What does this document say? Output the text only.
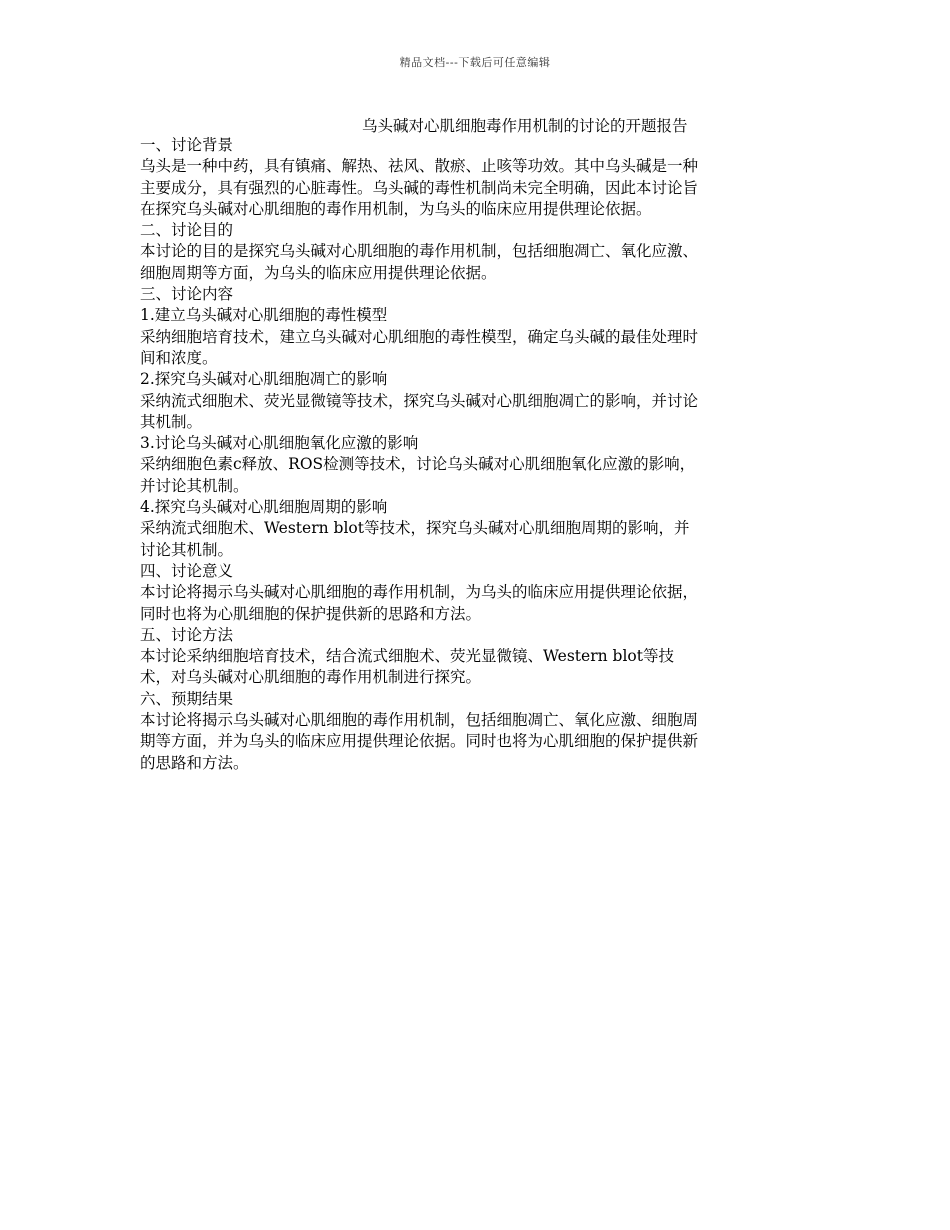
精品文档---下载后可任意编辑
乌头碱对心肌细胞毒作用机制的讨论的开题报告
一、讨论背景
乌头是一种中药，具有镇痛、解热、祛风、散瘀、止咳等功效。其中乌头碱是一种
主要成分，具有强烈的心脏毒性。乌头碱的毒性机制尚未完全明确，因此本讨论旨
在探究乌头碱对心肌细胞的毒作用机制，为乌头的临床应用提供理论依据。
二、讨论目的
本讨论的目的是探究乌头碱对心肌细胞的毒作用机制，包括细胞凋亡、氧化应激、
细胞周期等方面，为乌头的临床应用提供理论依据。
三、讨论内容
1.建立乌头碱对心肌细胞的毒性模型
采纳细胞培育技术，建立乌头碱对心肌细胞的毒性模型，确定乌头碱的最佳处理时
间和浓度。
2.探究乌头碱对心肌细胞凋亡的影响
采纳流式细胞术、荧光显微镜等技术，探究乌头碱对心肌细胞凋亡的影响，并讨论
其机制。
3.讨论乌头碱对心肌细胞氧化应激的影响
采纳细胞色素c释放、ROS检测等技术，讨论乌头碱对心肌细胞氧化应激的影响，
并讨论其机制。
4.探究乌头碱对心肌细胞周期的影响
采纳流式细胞术、Western blot等技术，探究乌头碱对心肌细胞周期的影响，并
讨论其机制。
四、讨论意义
本讨论将揭示乌头碱对心肌细胞的毒作用机制，为乌头的临床应用提供理论依据，
同时也将为心肌细胞的保护提供新的思路和方法。
五、讨论方法
本讨论采纳细胞培育技术，结合流式细胞术、荧光显微镜、Western blot等技
术，对乌头碱对心肌细胞的毒作用机制进行探究。
六、预期结果
本讨论将揭示乌头碱对心肌细胞的毒作用机制，包括细胞凋亡、氧化应激、细胞周
期等方面，并为乌头的临床应用提供理论依据。同时也将为心肌细胞的保护提供新
的思路和方法。
